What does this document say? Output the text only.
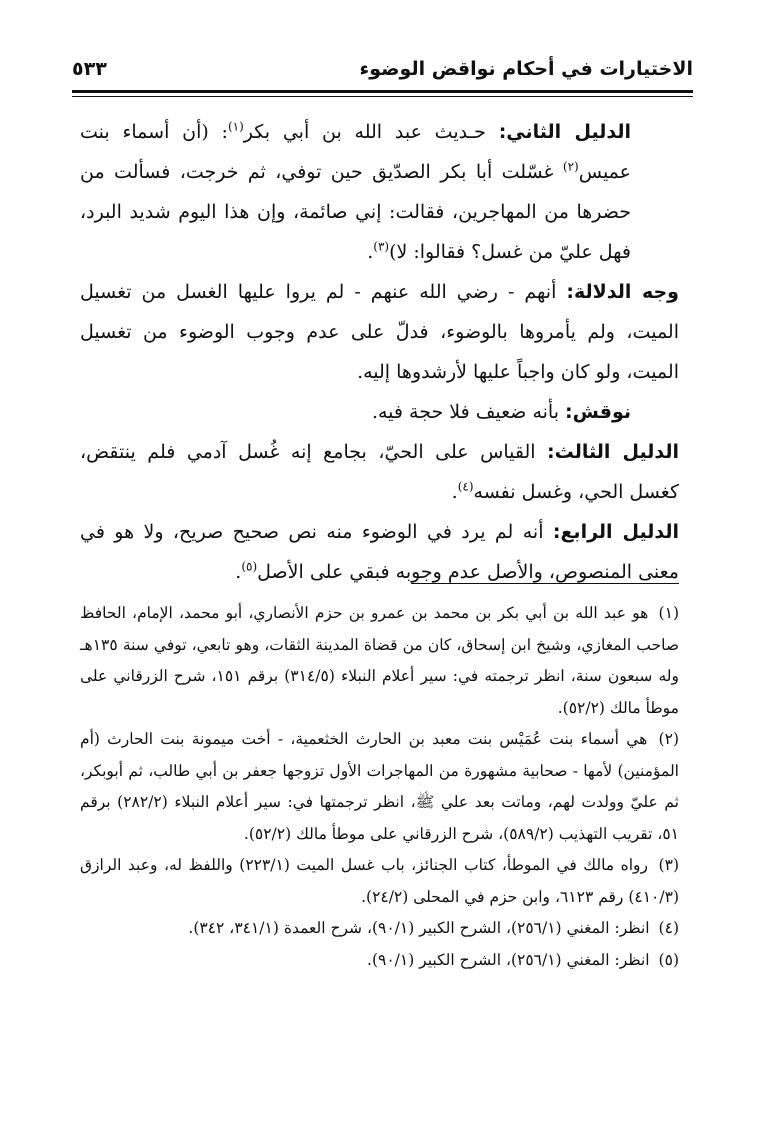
الاختيارات في أحكام نواقض الوضوء
٥٣٣

الدليل الثاني: حـديث عبد الله بن أبي بكر$^{(١)}$: (أن أسماء بنت عميس$^{(٢)}$ غسّلت أبا بكر الصدّيق حين توفي، ثم خرجت، فسألت من حضرها من المهاجرين، فقالت: إني صائمة، وإن هذا اليوم شديد البرد، فهل عليّ من غسل؟ فقالوا: لا)$^{(٣)}$.

وجه الدلالة: أنهم - رضي الله عنهم - لم يروا عليها الغسل من تغسيل الميت، ولم يأمروها بالوضوء، فدلّ على عدم وجوب الوضوء من تغسيل الميت، ولو كان واجباً عليها لأرشدوها إليه.

نوقش: بأنه ضعيف فلا حجة فيه.

الدليل الثالث: القياس على الحيّ، بجامع إنه غُسل آدمي فلم ينتقض، كغسل الحي، وغسل نفسه$^{(٤)}$.

الدليل الرابع: أنه لم يرد في الوضوء منه نص صحيح صريح، ولا هو في معنى المنصوص، والأصل عدم وجوبه فبقي على الأصل$^{(٥)}$.

(١) هو عبد الله بن أبي بكر بن محمد بن عمرو بن حزم الأنصاري، أبو محمد، الإمام، الحافظ صاحب المغازي، وشيخ ابن إسحاق، كان من قضاة المدينة الثقات، وهو تابعي، توفي سنة ١٣٥هـ وله سبعون سنة، انظر ترجمته في: سير أعلام النبلاء (٣١٤/٥) برقم ١٥١، شرح الزرقاني على موطأ مالك (٥٢/٢).

(٢) هي أسماء بنت عُمَيْس بنت معبد بن الحارث الخثعمية، - أخت ميمونة بنت الحارث (أم المؤمنين) لأمها - صحابية مشهورة من المهاجرات الأول تزوجها جعفر بن أبي طالب، ثم أبوبكر، ثم عليّ وولدت لهم، وماتت بعد علي ﷺ، انظر ترجمتها في: سير أعلام النبلاء (٢٨٢/٢) برقم ٥١، تقريب التهذيب (٥٨٩/٢)، شرح الزرقاني على موطأ مالك (٥٢/٢).

(٣) رواه مالك في الموطأ، كتاب الجنائز، باب غسل الميت (٢٢٣/١) واللفظ له، وعبد الرازق (٤١٠/٣) رقم ٦١٢٣، وابن حزم في المحلى (٢٤/٢).

(٤) انظر: المغني (٢٥٦/١)، الشرح الكبير (٩٠/١)، شرح العمدة (٣٤١/١، ٣٤٢).

(٥) انظر: المغني (٢٥٦/١)، الشرح الكبير (٩٠/١).
